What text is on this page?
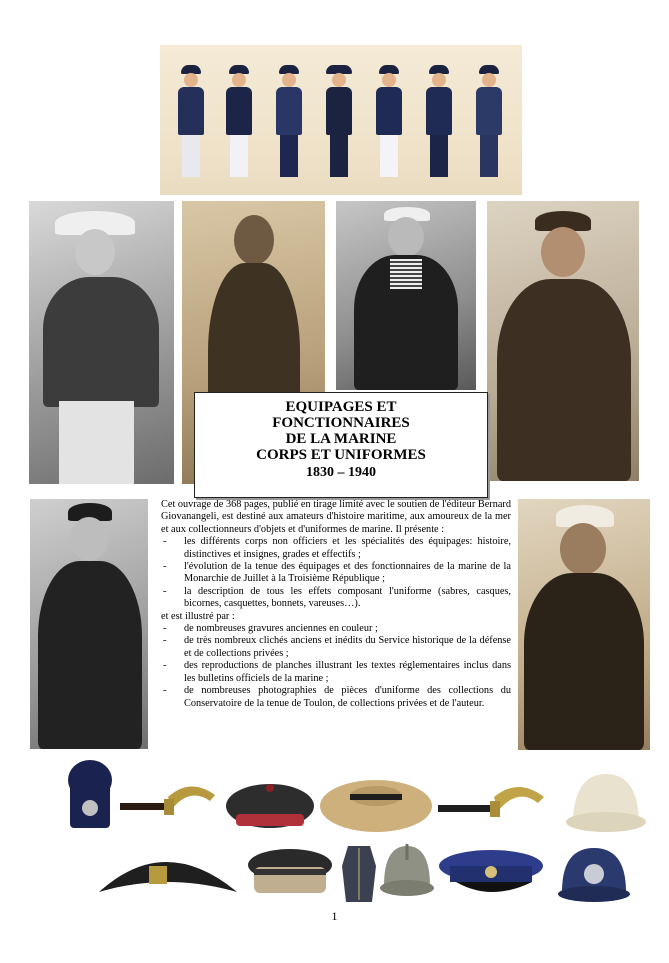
EQUIPAGES ET
FONCTIONNAIRES
DE LA MARINE
CORPS ET UNIFORMES
1830 – 1940

Cet ouvrage de 368 pages, publié en tirage limité avec le soutien de l'éditeur Bernard Giovanangeli, est destiné aux amateurs d'histoire maritime, aux amoureux de la mer et aux collectionneurs d'objets et d'uniformes de marine. Il présente :

- les différents corps non officiers et les spécialités des équipages: histoire, distinctives et insignes, grades et effectifs ;
- l'évolution de la tenue des équipages et des fonctionnaires de la marine de la Monarchie de Juillet à la Troisième République ;
- la description de tous les effets composant l'uniforme (sabres, casques, bicornes, casquettes, bonnets, vareuses…).

et est illustré par :

- de nombreuses gravures anciennes en couleur ;
- de très nombreux clichés anciens et inédits du Service historique de la défense et de collections privées ;
- des reproductions de planches illustrant les textes réglementaires inclus dans les bulletins officiels de la marine ;
- de nombreuses photographies de pièces d'uniforme des collections du Conservatoire de la tenue de Toulon, de collections privées et de l'auteur.
1
